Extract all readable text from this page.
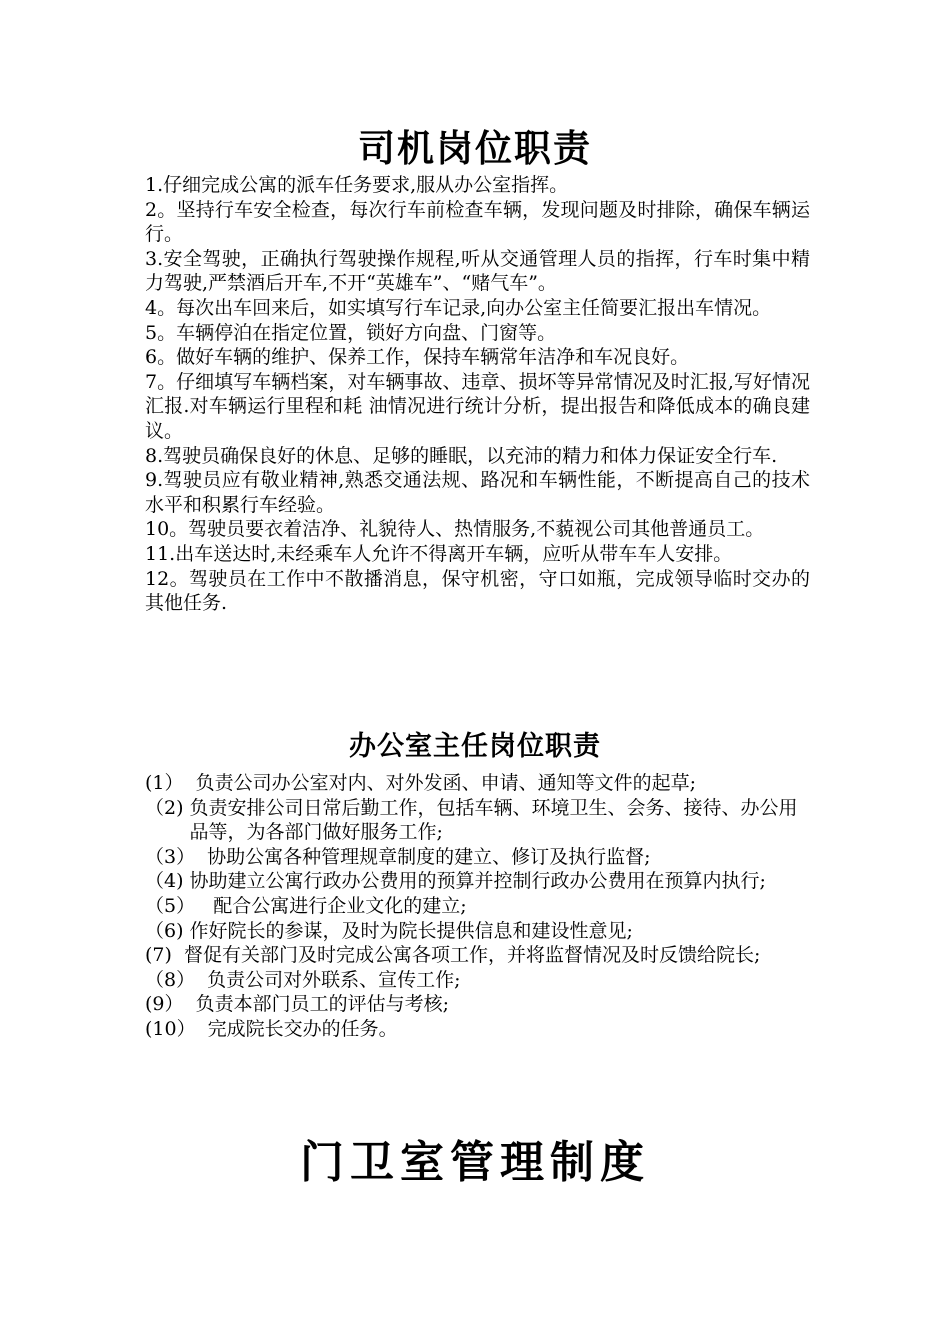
司机岗位职责

1.仔细完成公寓的派车任务要求,服从办公室指挥。

2。坚持行车安全检查，每次行车前检查车辆，发现问题及时排除，确保车辆运行。

3.安全驾驶，正确执行驾驶操作规程,听从交通管理人员的指挥，行车时集中精力驾驶,严禁酒后开车,不开“英雄车”、“赌气车”。

4。每次出车回来后，如实填写行车记录,向办公室主任简要汇报出车情况。

5。车辆停泊在指定位置，锁好方向盘、门窗等。

6。做好车辆的维护、保养工作，保持车辆常年洁净和车况良好。

7。仔细填写车辆档案，对车辆事故、违章、损坏等异常情况及时汇报,写好情况汇报.对车辆运行里程和耗 油情况进行统计分析，提出报告和降低成本的确良建议。

8.驾驶员确保良好的休息、足够的睡眠，以充沛的精力和体力保证安全行车.

9.驾驶员应有敬业精神,熟悉交通法规、路况和车辆性能，不断提高自己的技术水平和积累行车经验。

10。驾驶员要衣着洁净、礼貌待人、热情服务,不藐视公司其他普通员工。

11.出车送达时,未经乘车人允许不得离开车辆，应听从带车车人安排。

12。驾驶员在工作中不散播消息，保守机密，守口如瓶，完成领导临时交办的其他任务.

办公室主任岗位职责
(1） 负责公司办公室对内、对外发函、申请、通知等文件的起草;
（2) 负责安排公司日常后勤工作，包括车辆、环境卫生、会务、接待、办公用品等，为各部门做好服务工作;
（3） 协助公寓各种管理规章制度的建立、修订及执行监督;
（4) 协助建立公寓行政办公费用的预算并控制行政办公费用在预算内执行;
（5） 配合公寓进行企业文化的建立;
（6) 作好院长的参谋，及时为院长提供信息和建设性意见;
(7) 督促有关部门及时完成公寓各项工作，并将监督情况及时反馈给院长;
（8） 负责公司对外联系、宣传工作;
(9） 负责本部门员工的评估与考核;
(10） 完成院长交办的任务。
门卫室管理制度
